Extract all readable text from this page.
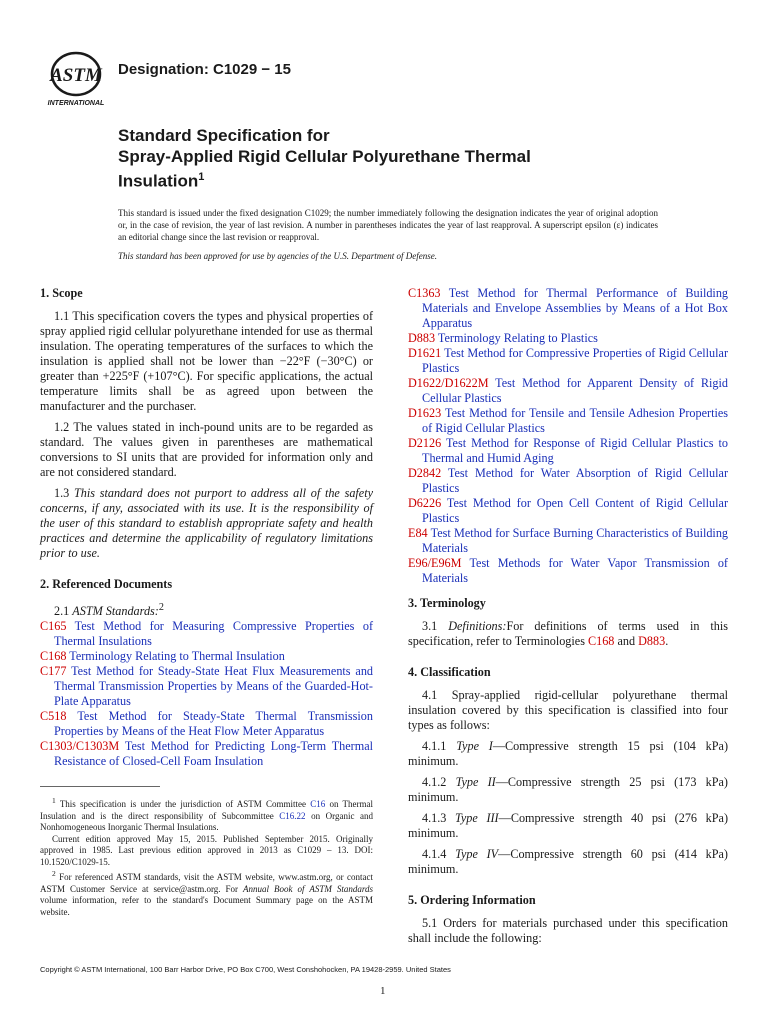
ASTM
INTERNATIONAL
Designation: C1029 − 15
Standard Specification for
Spray-Applied Rigid Cellular Polyurethane Thermal
Insulation$^1$
This standard is issued under the fixed designation C1029; the number immediately following the designation indicates the year of original adoption or, in the case of revision, the year of last revision. A number in parentheses indicates the year of last reapproval. A superscript epsilon (ε) indicates an editorial change since the last revision or reapproval.
This standard has been approved for use by agencies of the U.S. Department of Defense.
1. Scope

1.1 This specification covers the types and physical properties of spray applied rigid cellular polyurethane intended for use as thermal insulation. The operating temperatures of the surfaces to which the insulation is applied shall not be lower than −22°F (−30°C) or greater than +225°F (+107°C). For specific applications, the actual temperature limits shall be as agreed upon between the manufacturer and the purchaser.

1.2 The values stated in inch-pound units are to be regarded as standard. The values given in parentheses are mathematical conversions to SI units that are provided for information only and are not considered standard.

1.3 This standard does not purport to address all of the safety concerns, if any, associated with its use. It is the responsibility of the user of this standard to establish appropriate safety and health practices and determine the applicability of regulatory limitations prior to use.

2. Referenced Documents

2.1 ASTM Standards:$^2$

C165 Test Method for Measuring Compressive Properties of Thermal Insulations

C168 Terminology Relating to Thermal Insulation

C177 Test Method for Steady-State Heat Flux Measurements and Thermal Transmission Properties by Means of the Guarded-Hot-Plate Apparatus

C518 Test Method for Steady-State Thermal Transmission Properties by Means of the Heat Flow Meter Apparatus

C1303/C1303M Test Method for Predicting Long-Term Thermal Resistance of Closed-Cell Foam Insulation

C1363 Test Method for Thermal Performance of Building Materials and Envelope Assemblies by Means of a Hot Box Apparatus

D883 Terminology Relating to Plastics

D1621 Test Method for Compressive Properties of Rigid Cellular Plastics

D1622/D1622M Test Method for Apparent Density of Rigid Cellular Plastics

D1623 Test Method for Tensile and Tensile Adhesion Properties of Rigid Cellular Plastics

D2126 Test Method for Response of Rigid Cellular Plastics to Thermal and Humid Aging

D2842 Test Method for Water Absorption of Rigid Cellular Plastics

D6226 Test Method for Open Cell Content of Rigid Cellular Plastics

E84 Test Method for Surface Burning Characteristics of Building Materials

E96/E96M Test Methods for Water Vapor Transmission of Materials

3. Terminology

3.1 Definitions:For definitions of terms used in this specification, refer to Terminologies C168 and D883.

4. Classification

4.1 Spray-applied rigid-cellular polyurethane thermal insulation covered by this specification is classified into four types as follows:

4.1.1 Type I—Compressive strength 15 psi (104 kPa) minimum.

4.1.2 Type II—Compressive strength 25 psi (173 kPa) minimum.

4.1.3 Type III—Compressive strength 40 psi (276 kPa) minimum.

4.1.4 Type IV—Compressive strength 60 psi (414 kPa) minimum.

5. Ordering Information

5.1 Orders for materials purchased under this specification shall include the following:

$^1$ This specification is under the jurisdiction of ASTM Committee C16 on Thermal Insulation and is the direct responsibility of Subcommittee C16.22 on Organic and Nonhomogeneous Inorganic Thermal Insulations.

Current edition approved May 15, 2015. Published September 2015. Originally approved in 1985. Last previous edition approved in 2013 as C1029 – 13. DOI: 10.1520/C1029-15.

$^2$ For referenced ASTM standards, visit the ASTM website, www.astm.org, or contact ASTM Customer Service at service@astm.org. For Annual Book of ASTM Standards volume information, refer to the standard's Document Summary page on the ASTM website.

Copyright © ASTM International, 100 Barr Harbor Drive, PO Box C700, West Conshohocken, PA 19428-2959. United States
1
